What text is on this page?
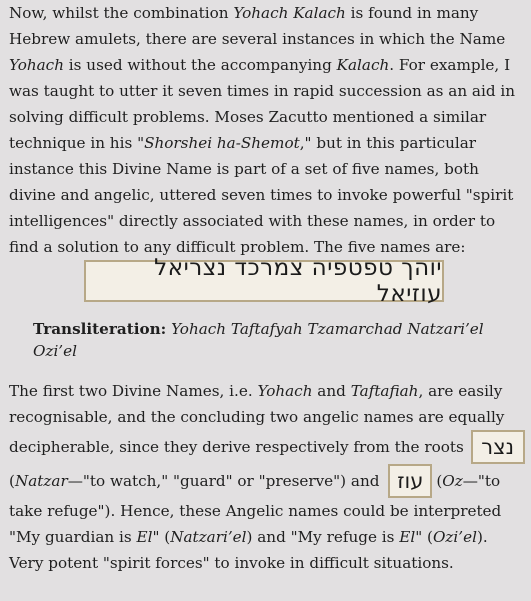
Now, whilst the combination Yohach Kalach is found in many Hebrew amulets, there are several instances in which the Name Yohach is used without the accompanying Kalach. For example, I was taught to utter it seven times in rapid succession as an aid in solving difficult problems. Moses Zacutto mentioned a similar technique in his "Shorshei ha-Shemot," but in this particular instance this Divine Name is part of a set of five names, both divine and angelic, uttered seven times to invoke powerful "spirit intelligences" directly associated with these names, in order to find a solution to any difficult problem. The five names are:

יוהך טפטפיה צמרכד נצריאל עוזיאל

Transliteration: Yohach Taftafyah Tzamarchad Natzari’el Ozi’el

The first two Divine Names, i.e. Yohach and Taftafiah, are easily recognisable, and the concluding two angelic names are equally decipherable, since they derive respectively from the roots נצר

(Natzar—"to watch," "guard" or "preserve") and עוז (Oz—"to take refuge"). Hence, these Angelic names could be interpreted "My guardian is El" (Natzari’el) and "My refuge is El" (Ozi’el). Very potent "spirit forces" to invoke in difficult situations.
